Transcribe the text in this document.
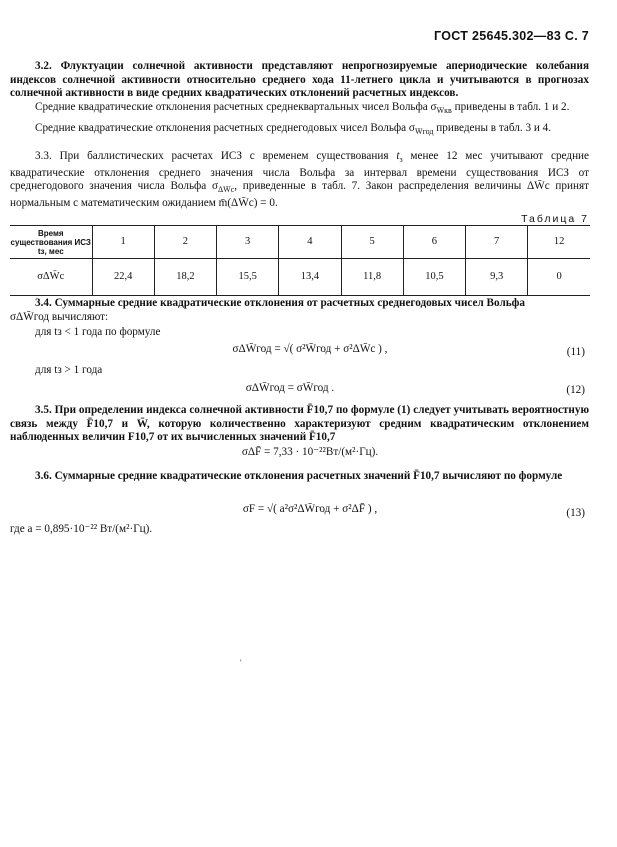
ГОСТ 25645.302—83 С. 7
3.2. Флуктуации солнечной активности представляют непрогнозируемые апериодические колебания индексов солнечной активности относительно среднего хода 11-летнего цикла и учитываются в прогнозах солнечной активности в виде средних квадратических отклонений расчетных индексов.
Средние квадратические отклонения расчетных среднеквартальных чисел Вольфа $\sigma_{W̄кв}$ приведены в табл. 1 и 2.
Средние квадратические отклонения расчетных среднегодовых чисел Вольфа $\sigma_{W̄год}$ приведены в табл. 3 и 4.
3.3. При баллистических расчетах ИСЗ с временем существования $t_з$ менее 12 мес учитывают средние квадратические отклонения среднего значения числа Вольфа за интервал времени существования ИСЗ от среднегодового значения числа Вольфа $\sigma_{\Delta W̄с}$, приведенные в табл. 7. Закон распределения величины ΔW̄с принят нормальным с математическим ожиданием m̄(ΔW̄с) = 0.
Таблица 7
Время существования ИСЗ tз, мес	1	2	3	4	5	6	7	12
σΔW̄с	22,4	18,2	15,5	13,4	11,8	10,5	9,3	0
3.4. Суммарные средние квадратические отклонения от расчетных среднегодовых чисел Вольфа
σΔW̄год вычисляют:
для tз < 1 года по формуле
σΔW̄год = √( σ²W̄год + σ²ΔW̄с ) ,	(11)
для tз > 1 года
σΔW̄год = σW̄год .	(12)
3.5. При определении индекса солнечной активности F̄10,7 по формуле (1) следует учитывать вероятностную связь между F̄10,7 и W̄, которую количественно характеризуют средним квадратическим отклонением наблюденных величин F10,7 от их вычисленных значений F̄10,7
σΔF̄ = 7,33 · 10⁻²²Вт/(м²·Гц).
3.6. Суммарные средние квадратические отклонения расчетных значений F̄10,7 вычисляют по формуле
σF = √( a²σ²ΔW̄год + σ²ΔF̄ ) ,	(13)
где a = 0,895·10⁻²² Вт/(м²·Гц).
'
